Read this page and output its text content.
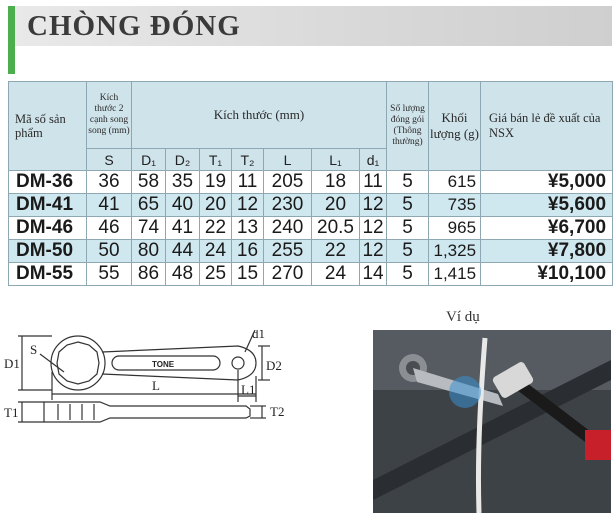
CHÒNG ĐÓNG
Mã số sản phẩm	Kích thước 2 cạnh song song (mm)	Kích thước (mm)							Số lượng đóng gói (Thông thường)	Khối lượng (g)	Giá bán lẻ đề xuất của NSX
	S	D₁	D₂	T₁	T₂	L	L₁	d₁			
DM-36	36	58	35	19	11	205	18	11	5	615	¥5,000
DM-41	41	65	40	20	12	230	20	12	5	735	¥5,600
DM-46	46	74	41	22	13	240	20.5	12	5	965	¥6,700
DM-50	50	80	44	24	16	255	22	12	5	1,325	¥7,800
DM-55	55	86	48	25	15	270	24	14	5	1,415	¥10,100
D1
S
d1
D2
L	L1
T1	T2
TONE
Ví dụ
